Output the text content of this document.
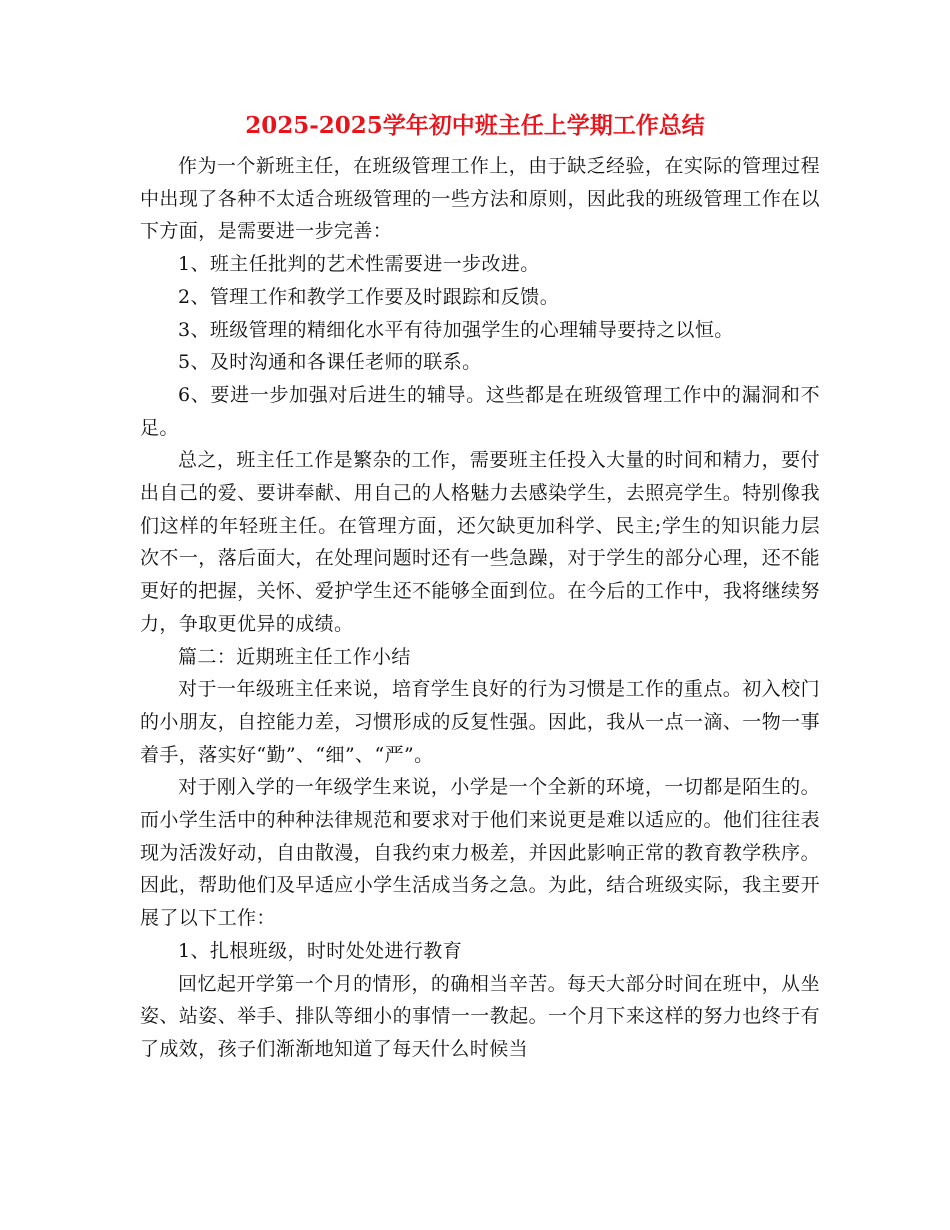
2025-2025学年初中班主任上学期工作总结

作为一个新班主任，在班级管理工作上，由于缺乏经验，在实际的管理过程中出现了各种不太适合班级管理的一些方法和原则，因此我的班级管理工作在以下方面，是需要进一步完善：

1、班主任批判的艺术性需要进一步改进。

2、管理工作和教学工作要及时跟踪和反馈。

3、班级管理的精细化水平有待加强学生的心理辅导要持之以恒。

5、及时沟通和各课任老师的联系。

6、要进一步加强对后进生的辅导。这些都是在班级管理工作中的漏洞和不足。

总之，班主任工作是繁杂的工作，需要班主任投入大量的时间和精力，要付出自己的爱、要讲奉献、用自己的人格魅力去感染学生，去照亮学生。特别像我们这样的年轻班主任。在管理方面，还欠缺更加科学、民主;学生的知识能力层次不一，落后面大，在处理问题时还有一些急躁，对于学生的部分心理，还不能更好的把握，关怀、爱护学生还不能够全面到位。在今后的工作中，我将继续努力，争取更优异的成绩。

篇二：近期班主任工作小结

对于一年级班主任来说，培育学生良好的行为习惯是工作的重点。初入校门的小朋友，自控能力差，习惯形成的反复性强。因此，我从一点一滴、一物一事着手，落实好“勤”、“细”、“严”。

对于刚入学的一年级学生来说，小学是一个全新的环境，一切都是陌生的。而小学生活中的种种法律规范和要求对于他们来说更是难以适应的。他们往往表现为活泼好动，自由散漫，自我约束力极差，并因此影响正常的教育教学秩序。因此，帮助他们及早适应小学生活成当务之急。为此，结合班级实际，我主要开展了以下工作：

1、扎根班级，时时处处进行教育

回忆起开学第一个月的情形，的确相当辛苦。每天大部分时间在班中，从坐姿、站姿、举手、排队等细小的事情一一教起。一个月下来这样的努力也终于有了成效，孩子们渐渐地知道了每天什么时候当
